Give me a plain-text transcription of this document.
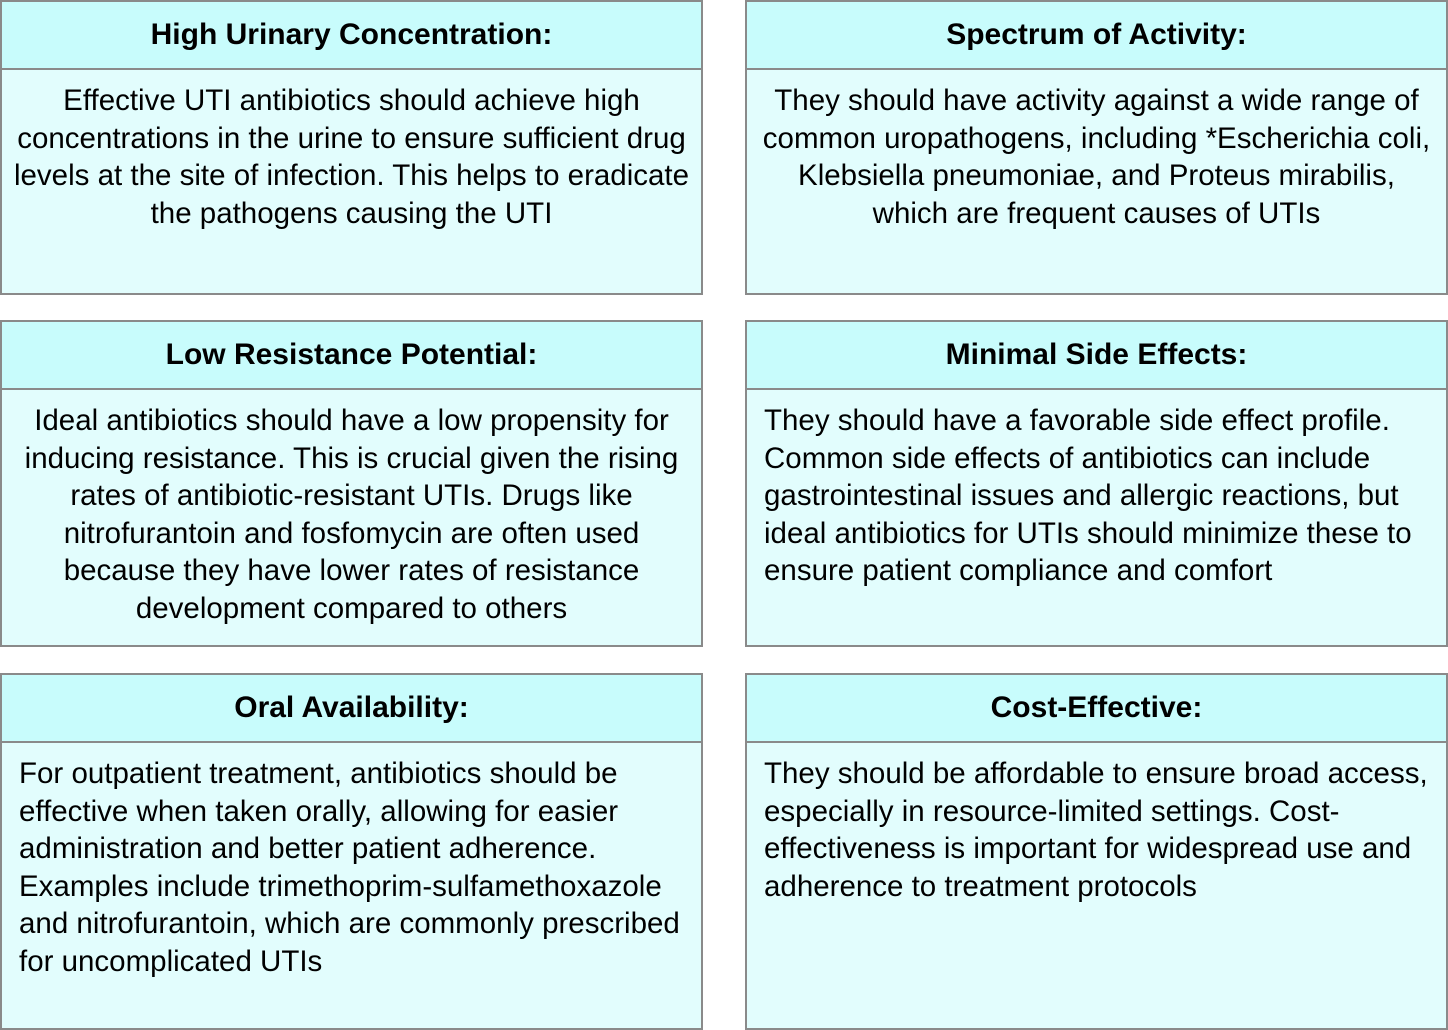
High Urinary Concentration:
Effective UTI antibiotics should achieve high concentrations in the urine to ensure sufficient drug levels at the site of infection. This helps to eradicate the pathogens causing the UTI
Spectrum of Activity:
They should have activity against a wide range of common uropathogens, including *Escherichia coli, Klebsiella pneumoniae, and Proteus mirabilis, which are frequent causes of UTIs
Low Resistance Potential:
Ideal antibiotics should have a low propensity for inducing resistance. This is crucial given the rising rates of antibiotic-resistant UTIs. Drugs like nitrofurantoin and fosfomycin are often used because they have lower rates of resistance development compared to others
Minimal Side Effects:
They should have a favorable side effect profile. Common side effects of antibiotics can include gastrointestinal issues and allergic reactions, but ideal antibiotics for UTIs should minimize these to ensure patient compliance and comfort
Oral Availability:
For outpatient treatment, antibiotics should be effective when taken orally, allowing for easier administration and better patient adherence. Examples include trimethoprim-sulfamethoxazole and nitrofurantoin, which are commonly prescribed for uncomplicated UTIs
Cost-Effective:
They should be affordable to ensure broad access, especially in resource-limited settings. Cost-effectiveness is important for widespread use and adherence to treatment protocols
